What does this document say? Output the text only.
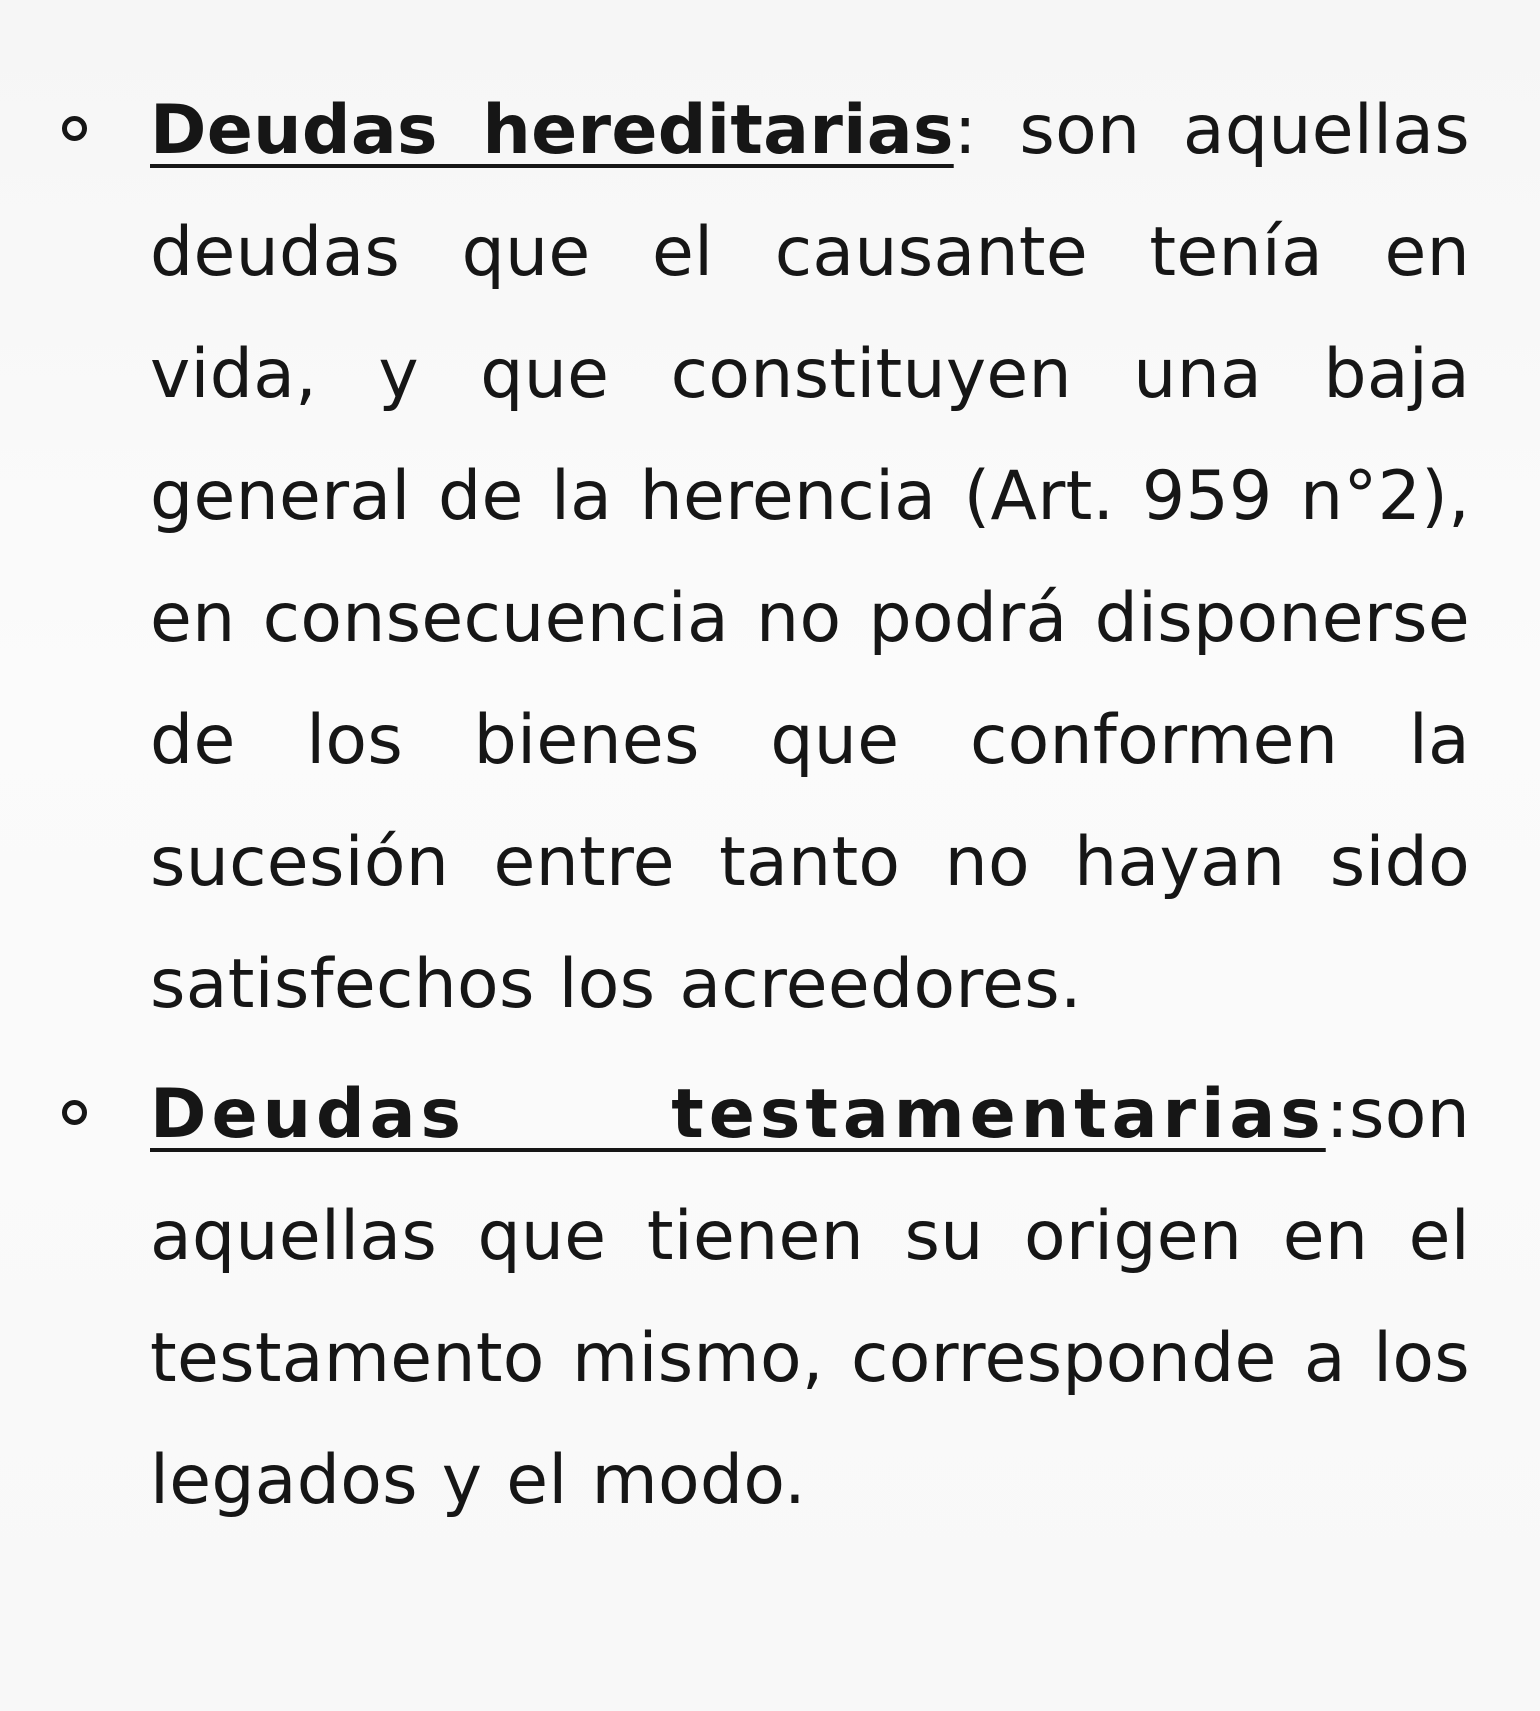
Deudas hereditarias: son aquellas deudas que el causante tenía en vida, y que constituyen una baja general de la herencia (Art. 959 n°2), en consecuencia no podrá disponerse de los bienes que conformen la sucesión entre tanto no hayan sido satisfechos los acreedores.

Deudas testamentarias:son aquellas que tienen su origen en el testamento mismo, corresponde a los legados y el modo.
